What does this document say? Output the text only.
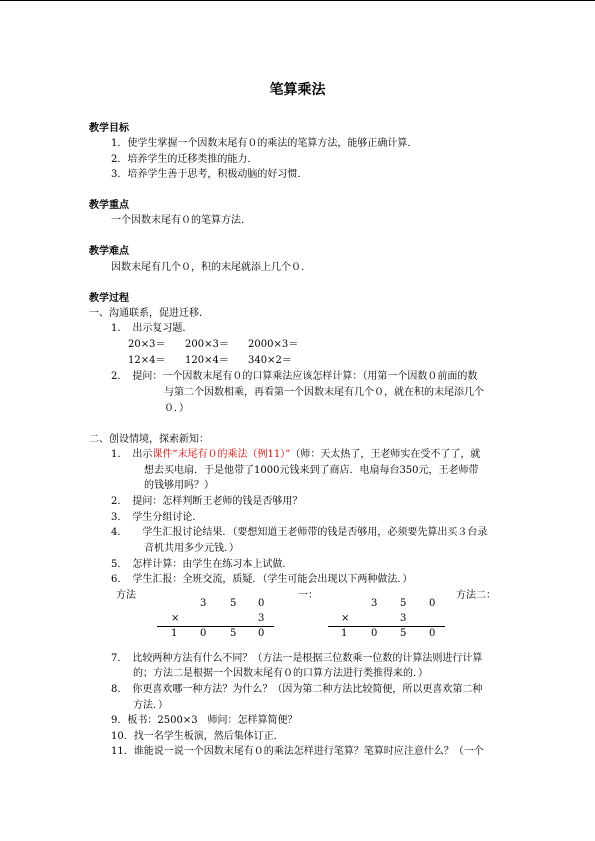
笔算乘法
教学目标
1．使学生掌握一个因数末尾有０的乘法的笔算方法，能够正确计算．
2．培养学生的迁移类推的能力．
3．培养学生善于思考，积极动脑的好习惯．
教学重点
一个因数末尾有０的笔算方法．
教学难点
因数末尾有几个０，积的末尾就添上几个０．
教学过程
一、沟通联系，促进迁移．
1．　出示复习题．
20×3＝ 200×3＝ 2000×3＝
12×4＝ 120×4＝ 340×2＝
2．　提问：一个因数末尾有０的口算乘法应该怎样计算：（用第一个因数０前面的数
与第二个因数相乘，再看第一个因数末尾有几个０，就在积的末尾添几个
０．）
二、创设情境，探索新知：
1．　出示课件“末尾有０的乘法（例11）”（师：天太热了，王老师实在受不了了，就
想去买电扇．于是他带了1000元钱来到了商店．电扇每台350元，王老师带
的钱够用吗？）
2．　提问：怎样判断王老师的钱是否够用？
3．　学生分组讨论．
4．　　学生汇报讨论结果．（要想知道王老师带的钱是否够用，必须要先算出买３台录
音机共用多少元钱．）
5．　怎样计算：由学生在练习本上试做．
6．　学生汇报：全班交流，质疑．（学生可能会出现以下两种做法．）
方法	一：	方法二：
3 5 0
×	3
1 0 5 0
3 5 0
×	3
1 0 5 0
7．　比较两种方法有什么不同？（方法一是根据三位数乘一位数的计算法则进行计算
的；方法二是根据一个因数末尾有０的口算方法进行类推得来的．）
8．　你更喜欢哪一种方法？为什么？（因为第二种方法比较简便，所以更喜欢第二种
方法．）
9．板书：2500×3　师问：怎样算简便？
10．找一名学生板演，然后集体订正．
11．谁能说一说一个因数末尾有０的乘法怎样进行笔算？笔算时应注意什么？（一个
